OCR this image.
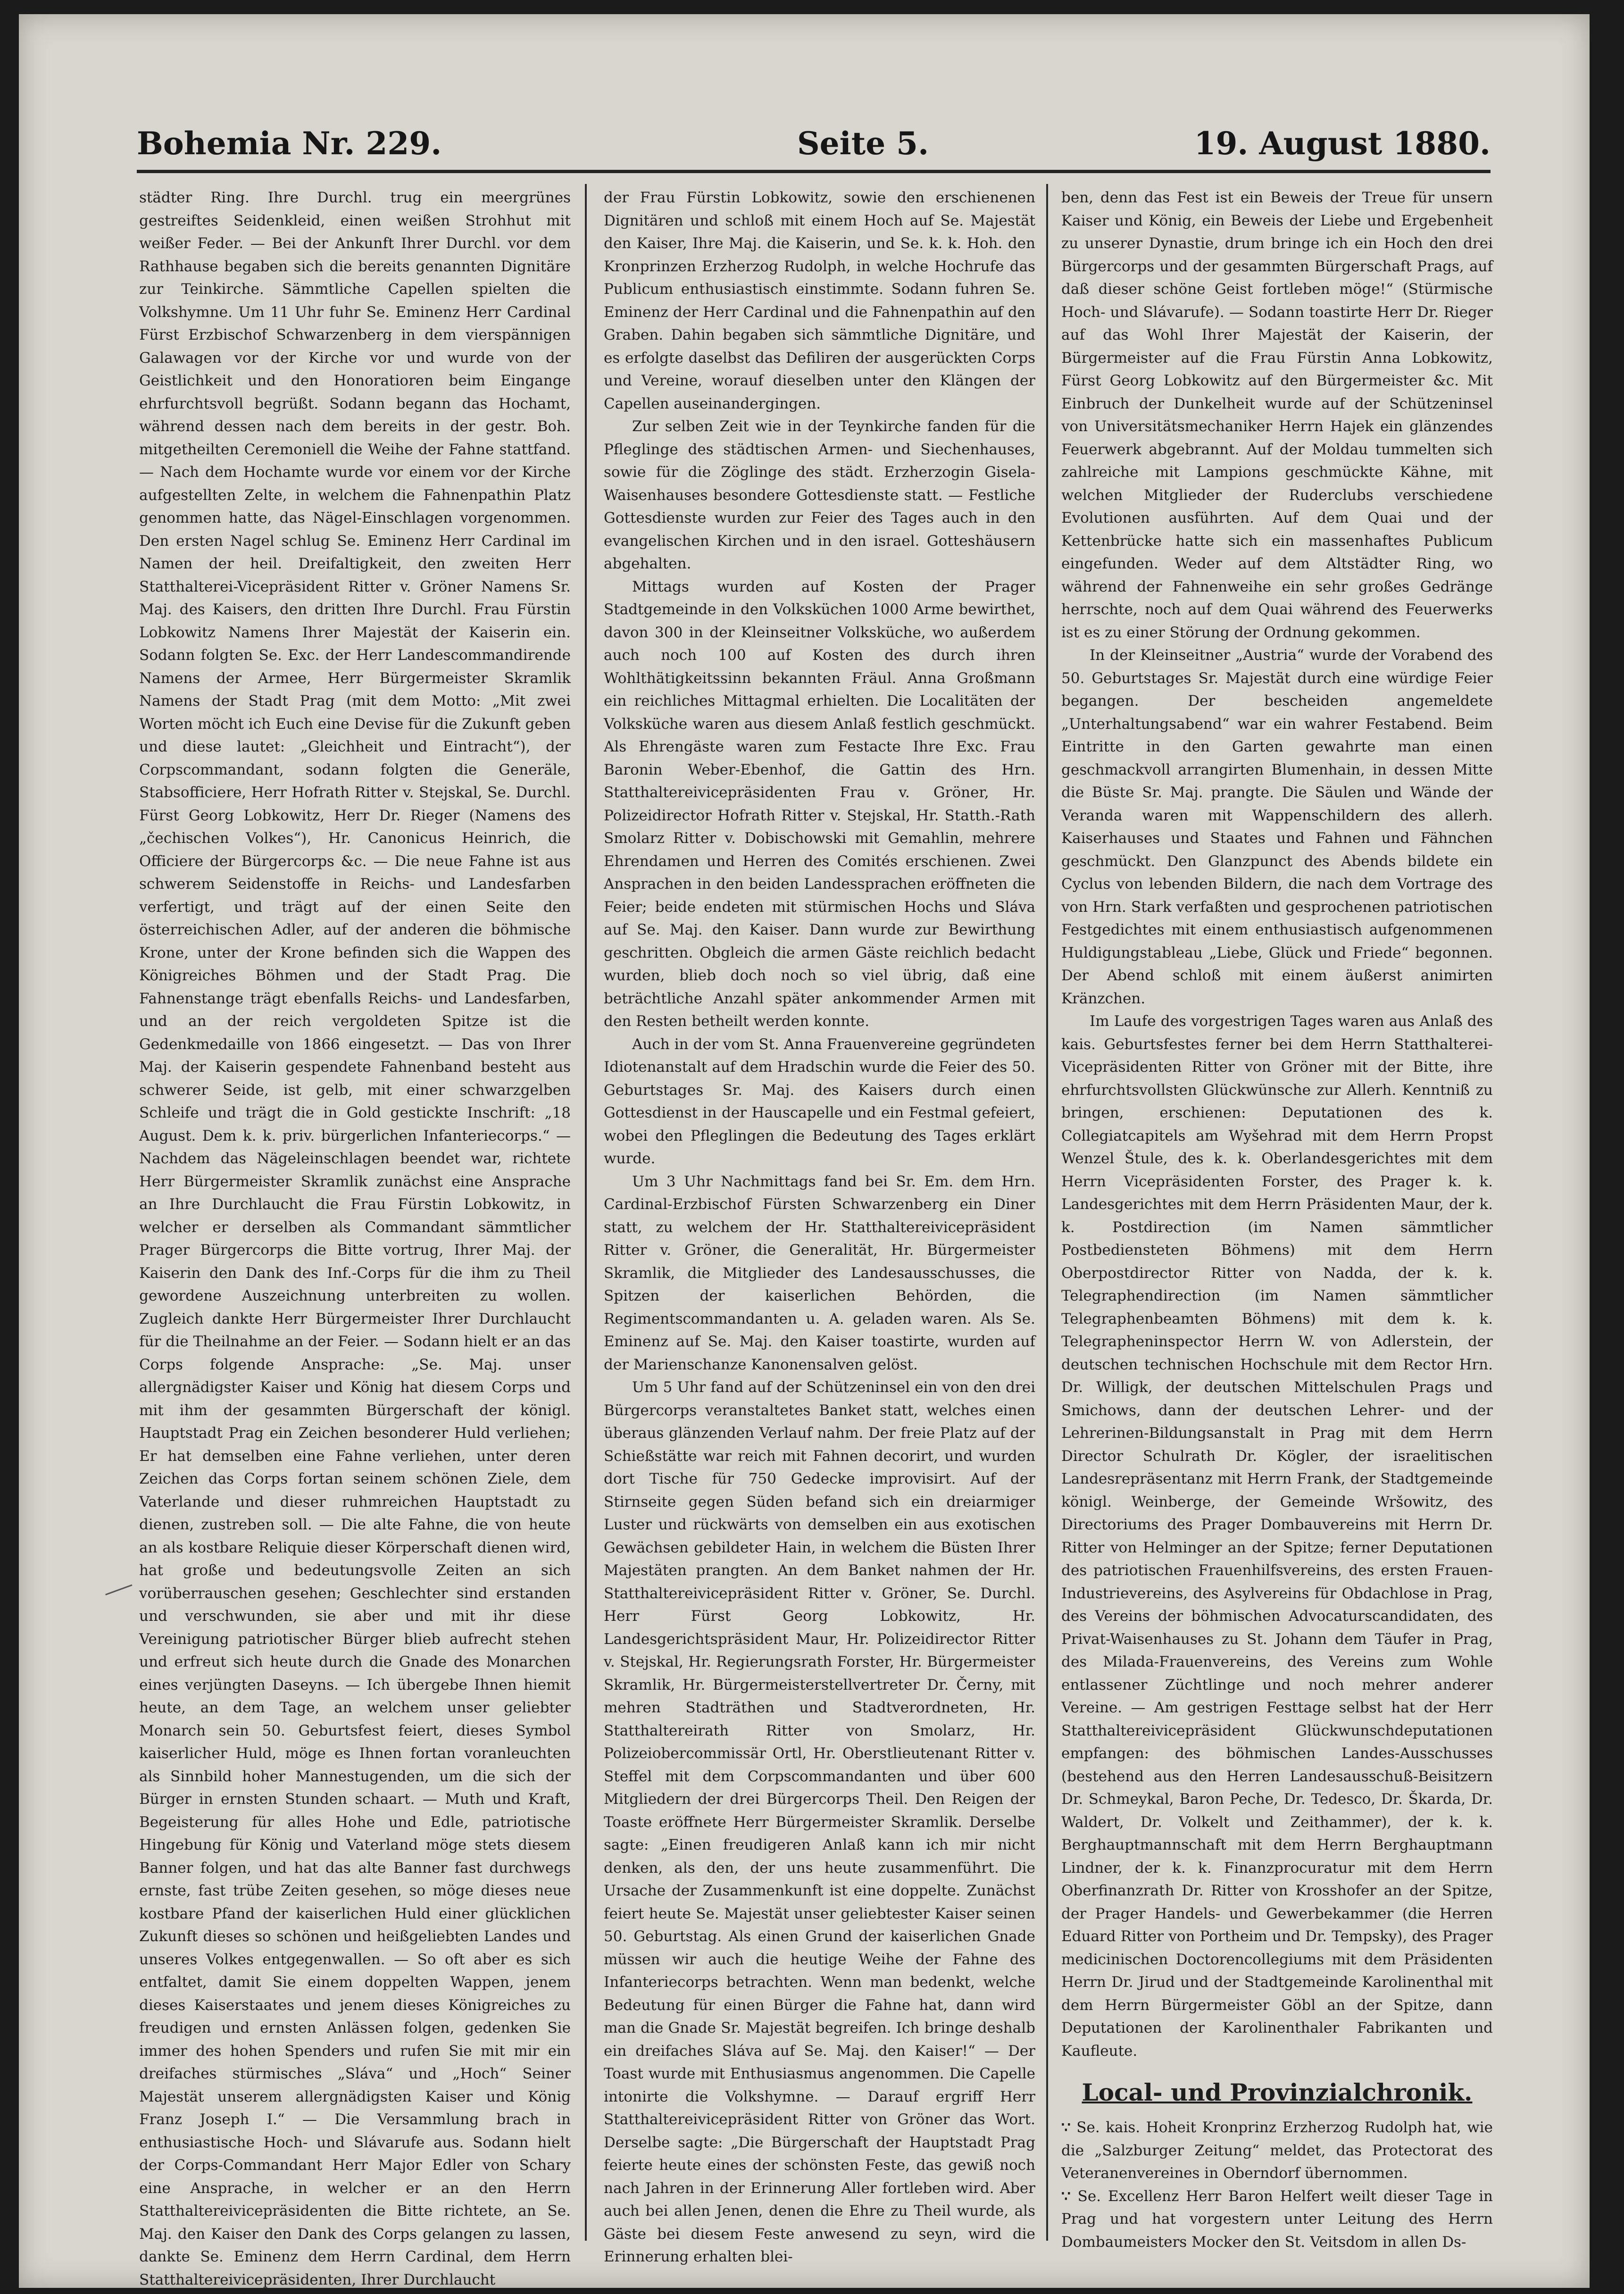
Bohemia Nr. 229.	Seite 5.	19. August 1880.

städter Ring. Ihre Durchl. trug ein meergrünes gestreiftes Seidenkleid, einen weißen Strohhut mit weißer Feder. — Bei der Ankunft Ihrer Durchl. vor dem Rathhause begaben sich die bereits genannten Dignitäre zur Teinkirche. Sämmtliche Capellen spielten die Volkshymne. Um 11 Uhr fuhr Se. Eminenz Herr Cardinal Fürst Erzbischof Schwarzenberg in dem vierspännigen Galawagen vor der Kirche vor und wurde von der Geistlichkeit und den Honoratioren beim Eingange ehrfurchtsvoll begrüßt. Sodann begann das Hochamt, während dessen nach dem bereits in der gestr. Boh. mitgetheilten Ceremoniell die Weihe der Fahne stattfand. — Nach dem Hochamte wurde vor einem vor der Kirche aufgestellten Zelte, in welchem die Fahnenpathin Platz genommen hatte, das Nägel-Einschlagen vorgenommen. Den ersten Nagel schlug Se. Eminenz Herr Cardinal im Namen der heil. Dreifaltigkeit, den zweiten Herr Statthalterei-Vicepräsident Ritter v. Gröner Namens Sr. Maj. des Kaisers, den dritten Ihre Durchl. Frau Fürstin Lobkowitz Namens Ihrer Majestät der Kaiserin ein. Sodann folgten Se. Exc. der Herr Landescommandirende Namens der Armee, Herr Bürgermeister Skramlik Namens der Stadt Prag (mit dem Motto: „Mit zwei Worten möcht ich Euch eine Devise für die Zukunft geben und diese lautet: „Gleichheit und Eintracht“), der Corpscommandant, sodann folgten die Generäle, Stabsofficiere, Herr Hofrath Ritter v. Stejskal, Se. Durchl. Fürst Georg Lobkowitz, Herr Dr. Rieger (Namens des „čechischen Volkes“), Hr. Canonicus Heinrich, die Officiere der Bürgercorps &c. — Die neue Fahne ist aus schwerem Seidenstoffe in Reichs- und Landesfarben verfertigt, und trägt auf der einen Seite den österreichischen Adler, auf der anderen die böhmische Krone, unter der Krone befinden sich die Wappen des Königreiches Böhmen und der Stadt Prag. Die Fahnenstange trägt ebenfalls Reichs- und Landesfarben, und an der reich vergoldeten Spitze ist die Gedenkmedaille von 1866 eingesetzt. — Das von Ihrer Maj. der Kaiserin gespendete Fahnenband besteht aus schwerer Seide, ist gelb, mit einer schwarzgelben Schleife und trägt die in Gold gestickte Inschrift: „18 August. Dem k. k. priv. bürgerlichen Infanteriecorps.“ — Nachdem das Nägeleinschlagen beendet war, richtete Herr Bürgermeister Skramlik zunächst eine Ansprache an Ihre Durchlaucht die Frau Fürstin Lobkowitz, in welcher er derselben als Commandant sämmtlicher Prager Bürgercorps die Bitte vortrug, Ihrer Maj. der Kaiserin den Dank des Inf.-Corps für die ihm zu Theil gewordene Auszeichnung unterbreiten zu wollen. Zugleich dankte Herr Bürgermeister Ihrer Durchlaucht für die Theilnahme an der Feier. — Sodann hielt er an das Corps folgende Ansprache: „Se. Maj. unser allergnädigster Kaiser und König hat diesem Corps und mit ihm der gesammten Bürgerschaft der königl. Hauptstadt Prag ein Zeichen besonderer Huld verliehen; Er hat demselben eine Fahne verliehen, unter deren Zeichen das Corps fortan seinem schönen Ziele, dem Vaterlande und dieser ruhmreichen Hauptstadt zu dienen, zustreben soll. — Die alte Fahne, die von heute an als kostbare Reliquie dieser Körperschaft dienen wird, hat große und bedeutungsvolle Zeiten an sich vorüberrauschen gesehen; Geschlechter sind erstanden und verschwunden, sie aber und mit ihr diese Vereinigung patriotischer Bürger blieb aufrecht stehen und erfreut sich heute durch die Gnade des Monarchen eines verjüngten Daseyns. — Ich übergebe Ihnen hiemit heute, an dem Tage, an welchem unser geliebter Monarch sein 50. Geburtsfest feiert, dieses Symbol kaiserlicher Huld, möge es Ihnen fortan voranleuchten als Sinnbild hoher Mannestugenden, um die sich der Bürger in ernsten Stunden schaart. — Muth und Kraft, Begeisterung für alles Hohe und Edle, patriotische Hingebung für König und Vaterland möge stets diesem Banner folgen, und hat das alte Banner fast durchwegs ernste, fast trübe Zeiten gesehen, so möge dieses neue kostbare Pfand der kaiserlichen Huld einer glücklichen Zukunft dieses so schönen und heißgeliebten Landes und unseres Volkes entgegenwallen. — So oft aber es sich entfaltet, damit Sie einem doppelten Wappen, jenem dieses Kaiserstaates und jenem dieses Königreiches zu freudigen und ernsten Anlässen folgen, gedenken Sie immer des hohen Spenders und rufen Sie mit mir ein dreifaches stürmisches „Sláva“ und „Hoch“ Seiner Majestät unserem allergnädigsten Kaiser und König Franz Joseph I.“ — Die Versammlung brach in enthusiastische Hoch- und Slávarufe aus. Sodann hielt der Corps-Commandant Herr Major Edler von Schary eine Ansprache, in welcher er an den Herrn Statthaltereivicepräsidenten die Bitte richtete, an Se. Maj. den Kaiser den Dank des Corps gelangen zu lassen, dankte Se. Eminenz dem Herrn Cardinal, dem Herrn Statthaltereivicepräsidenten, Ihrer Durchlaucht

der Frau Fürstin Lobkowitz, sowie den erschienenen Dignitären und schloß mit einem Hoch auf Se. Majestät den Kaiser, Ihre Maj. die Kaiserin, und Se. k. k. Hoh. den Kronprinzen Erzherzog Rudolph, in welche Hochrufe das Publicum enthusiastisch einstimmte. Sodann fuhren Se. Eminenz der Herr Cardinal und die Fahnenpathin auf den Graben. Dahin begaben sich sämmtliche Dignitäre, und es erfolgte daselbst das Defiliren der ausgerückten Corps und Vereine, worauf dieselben unter den Klängen der Capellen auseinandergingen.

Zur selben Zeit wie in der Teynkirche fanden für die Pfleglinge des städtischen Armen- und Siechenhauses, sowie für die Zöglinge des städt. Erzherzogin Gisela-Waisenhauses besondere Gottesdienste statt. — Festliche Gottesdienste wurden zur Feier des Tages auch in den evangelischen Kirchen und in den israel. Gotteshäusern abgehalten.

Mittags wurden auf Kosten der Prager Stadtgemeinde in den Volksküchen 1000 Arme bewirthet, davon 300 in der Kleinseitner Volksküche, wo außerdem auch noch 100 auf Kosten des durch ihren Wohlthätigkeitssinn bekannten Fräul. Anna Großmann ein reichliches Mittagmal erhielten. Die Localitäten der Volksküche waren aus diesem Anlaß festlich geschmückt. Als Ehrengäste waren zum Festacte Ihre Exc. Frau Baronin Weber-Ebenhof, die Gattin des Hrn. Statthaltereivicepräsidenten Frau v. Gröner, Hr. Polizeidirector Hofrath Ritter v. Stejskal, Hr. Statth.-Rath Smolarz Ritter v. Dobischowski mit Gemahlin, mehrere Ehrendamen und Herren des Comités erschienen. Zwei Ansprachen in den beiden Landessprachen eröffneten die Feier; beide endeten mit stürmischen Hochs und Sláva auf Se. Maj. den Kaiser. Dann wurde zur Bewirthung geschritten. Obgleich die armen Gäste reichlich bedacht wurden, blieb doch noch so viel übrig, daß eine beträchtliche Anzahl später ankommender Armen mit den Resten betheilt werden konnte.

Auch in der vom St. Anna Frauenvereine gegründeten Idiotenanstalt auf dem Hradschin wurde die Feier des 50. Geburtstages Sr. Maj. des Kaisers durch einen Gottesdienst in der Hauscapelle und ein Festmal gefeiert, wobei den Pfleglingen die Bedeutung des Tages erklärt wurde.

Um 3 Uhr Nachmittags fand bei Sr. Em. dem Hrn. Cardinal-Erzbischof Fürsten Schwarzenberg ein Diner statt, zu welchem der Hr. Statthaltereivicepräsident Ritter v. Gröner, die Generalität, Hr. Bürgermeister Skramlik, die Mitglieder des Landesausschusses, die Spitzen der kaiserlichen Behörden, die Regimentscommandanten u. A. geladen waren. Als Se. Eminenz auf Se. Maj. den Kaiser toastirte, wurden auf der Marienschanze Kanonensalven gelöst.

Um 5 Uhr fand auf der Schützeninsel ein von den drei Bürgercorps veranstaltetes Banket statt, welches einen überaus glänzenden Verlauf nahm. Der freie Platz auf der Schießstätte war reich mit Fahnen decorirt, und wurden dort Tische für 750 Gedecke improvisirt. Auf der Stirnseite gegen Süden befand sich ein dreiarmiger Luster und rückwärts von demselben ein aus exotischen Gewächsen gebildeter Hain, in welchem die Büsten Ihrer Majestäten prangten. An dem Banket nahmen der Hr. Statthaltereivicepräsident Ritter v. Gröner, Se. Durchl. Herr Fürst Georg Lobkowitz, Hr. Landesgerichtspräsident Maur, Hr. Polizeidirector Ritter v. Stejskal, Hr. Regierungsrath Forster, Hr. Bürgermeister Skramlik, Hr. Bürgermeisterstellvertreter Dr. Černy, mit mehren Stadträthen und Stadtverordneten, Hr. Statthaltereirath Ritter von Smolarz, Hr. Polizeiobercommissär Ortl, Hr. Oberstlieutenant Ritter v. Steffel mit dem Corpscommandanten und über 600 Mitgliedern der drei Bürgercorps Theil. Den Reigen der Toaste eröffnete Herr Bürgermeister Skramlik. Derselbe sagte: „Einen freudigeren Anlaß kann ich mir nicht denken, als den, der uns heute zusammenführt. Die Ursache der Zusammenkunft ist eine doppelte. Zunächst feiert heute Se. Majestät unser geliebtester Kaiser seinen 50. Geburtstag. Als einen Grund der kaiserlichen Gnade müssen wir auch die heutige Weihe der Fahne des Infanteriecorps betrachten. Wenn man bedenkt, welche Bedeutung für einen Bürger die Fahne hat, dann wird man die Gnade Sr. Majestät begreifen. Ich bringe deshalb ein dreifaches Sláva auf Se. Maj. den Kaiser!“ — Der Toast wurde mit Enthusiasmus angenommen. Die Capelle intonirte die Volkshymne. — Darauf ergriff Herr Statthaltereivicepräsident Ritter von Gröner das Wort. Derselbe sagte: „Die Bürgerschaft der Hauptstadt Prag feierte heute eines der schönsten Feste, das gewiß noch nach Jahren in der Erinnerung Aller fortleben wird. Aber auch bei allen Jenen, denen die Ehre zu Theil wurde, als Gäste bei diesem Feste anwesend zu seyn, wird die Erinnerung erhalten blei-

ben, denn das Fest ist ein Beweis der Treue für unsern Kaiser und König, ein Beweis der Liebe und Ergebenheit zu unserer Dynastie, drum bringe ich ein Hoch den drei Bürgercorps und der gesammten Bürgerschaft Prags, auf daß dieser schöne Geist fortleben möge!“ (Stürmische Hoch- und Slávarufe). — Sodann toastirte Herr Dr. Rieger auf das Wohl Ihrer Majestät der Kaiserin, der Bürgermeister auf die Frau Fürstin Anna Lobkowitz, Fürst Georg Lobkowitz auf den Bürgermeister &c. Mit Einbruch der Dunkelheit wurde auf der Schützeninsel von Universitätsmechaniker Herrn Hajek ein glänzendes Feuerwerk abgebrannt. Auf der Moldau tummelten sich zahlreiche mit Lampions geschmückte Kähne, mit welchen Mitglieder der Ruderclubs verschiedene Evolutionen ausführten. Auf dem Quai und der Kettenbrücke hatte sich ein massenhaftes Publicum eingefunden. Weder auf dem Altstädter Ring, wo während der Fahnenweihe ein sehr großes Gedränge herrschte, noch auf dem Quai während des Feuerwerks ist es zu einer Störung der Ordnung gekommen.

In der Kleinseitner „Austria“ wurde der Vorabend des 50. Geburtstages Sr. Majestät durch eine würdige Feier begangen. Der bescheiden angemeldete „Unterhaltungsabend“ war ein wahrer Festabend. Beim Eintritte in den Garten gewahrte man einen geschmackvoll arrangirten Blumenhain, in dessen Mitte die Büste Sr. Maj. prangte. Die Säulen und Wände der Veranda waren mit Wappenschildern des allerh. Kaiserhauses und Staates und Fahnen und Fähnchen geschmückt. Den Glanzpunct des Abends bildete ein Cyclus von lebenden Bildern, die nach dem Vortrage des von Hrn. Stark verfaßten und gesprochenen patriotischen Festgedichtes mit einem enthusiastisch aufgenommenen Huldigungstableau „Liebe, Glück und Friede“ begonnen. Der Abend schloß mit einem äußerst animirten Kränzchen.

Im Laufe des vorgestrigen Tages waren aus Anlaß des kais. Geburtsfestes ferner bei dem Herrn Statthalterei-Vicepräsidenten Ritter von Gröner mit der Bitte, ihre ehrfurchtsvollsten Glückwünsche zur Allerh. Kenntniß zu bringen, erschienen: Deputationen des k. Collegiatcapitels am Wyšehrad mit dem Herrn Propst Wenzel Štule, des k. k. Oberlandesgerichtes mit dem Herrn Vicepräsidenten Forster, des Prager k. k. Landesgerichtes mit dem Herrn Präsidenten Maur, der k. k. Postdirection (im Namen sämmtlicher Postbediensteten Böhmens) mit dem Herrn Oberpostdirector Ritter von Nadda, der k. k. Telegraphendirection (im Namen sämmtlicher Telegraphenbeamten Böhmens) mit dem k. k. Telegrapheninspector Herrn W. von Adlerstein, der deutschen technischen Hochschule mit dem Rector Hrn. Dr. Willigk, der deutschen Mittelschulen Prags und Smichows, dann der deutschen Lehrer- und der Lehrerinen-Bildungsanstalt in Prag mit dem Herrn Director Schulrath Dr. Kögler, der israelitischen Landesrepräsentanz mit Herrn Frank, der Stadtgemeinde königl. Weinberge, der Gemeinde Wršowitz, des Directoriums des Prager Dombauvereins mit Herrn Dr. Ritter von Helminger an der Spitze; ferner Deputationen des patriotischen Frauenhilfsvereins, des ersten Frauen-Industrievereins, des Asylvereins für Obdachlose in Prag, des Vereins der böhmischen Advocaturscandidaten, des Privat-Waisenhauses zu St. Johann dem Täufer in Prag, des Milada-Frauenvereins, des Vereins zum Wohle entlassener Züchtlinge und noch mehrer anderer Vereine. — Am gestrigen Festtage selbst hat der Herr Statthaltereivicepräsident Glückwunschdeputationen empfangen: des böhmischen Landes-Ausschusses (bestehend aus den Herren Landesausschuß-Beisitzern Dr. Schmeykal, Baron Peche, Dr. Tedesco, Dr. Škarda, Dr. Waldert, Dr. Volkelt und Zeithammer), der k. k. Berghauptmannschaft mit dem Herrn Berghauptmann Lindner, der k. k. Finanzprocuratur mit dem Herrn Oberfinanzrath Dr. Ritter von Krosshofer an der Spitze, der Prager Handels- und Gewerbekammer (die Herren Eduard Ritter von Portheim und Dr. Tempsky), des Prager medicinischen Doctorencollegiums mit dem Präsidenten Herrn Dr. Jirud und der Stadtgemeinde Karolinenthal mit dem Herrn Bürgermeister Göbl an der Spitze, dann Deputationen der Karolinenthaler Fabrikanten und Kaufleute.

Local- und Provinzialchronik.

∵ Se. kais. Hoheit Kronprinz Erzherzog Rudolph hat, wie die „Salzburger Zeitung“ meldet, das Protectorat des Veteranenvereines in Oberndorf übernommen.

∵ Se. Excellenz Herr Baron Helfert weilt dieser Tage in Prag und hat vorgestern unter Leitung des Herrn Dombaumeisters Mocker den St. Veitsdom in allen Ds-
